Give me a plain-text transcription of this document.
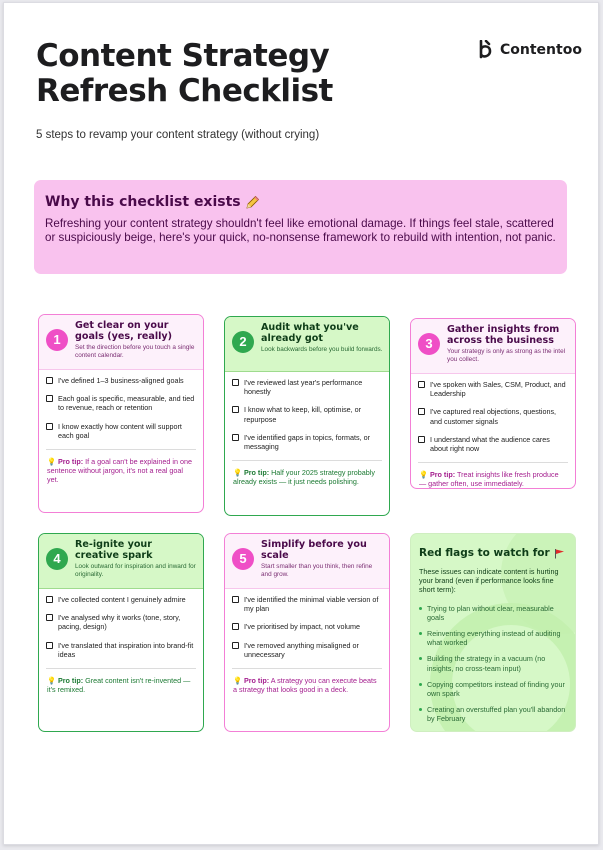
Content Strategy
Refresh Checklist
Contentoo
5 steps to revamp your content strategy (without crying)
Why this checklist exists
Refreshing your content strategy shouldn't feel like emotional damage. If things feel stale, scattered or suspiciously beige, here's your quick, no-nonsense framework to rebuild with intention, not panic.
1
Get clear on your goals (yes, really)
Set the direction before you touch a single content calendar.
I've defined 1–3 business-aligned goals
Each goal is specific, measurable, and tied to revenue, reach or retention
I know exactly how content will support each goal
💡 Pro tip: If a goal can't be explained in one sentence without jargon, it's not a real goal yet.
2
Audit what you've already got
Look backwards before you build forwards.
I've reviewed last year's performance honestly
I know what to keep, kill, optimise, or repurpose
I've identified gaps in topics, formats, or messaging
💡 Pro tip: Half your 2025 strategy probably already exists — it just needs polishing.
3
Gather insights from across the business
Your strategy is only as strong as the intel you collect.
I've spoken with Sales, CSM, Product, and Leadership
I've captured real objections, questions, and customer signals
I understand what the audience cares about right now
💡 Pro tip: Treat insights like fresh produce — gather often, use immediately.
4
Re-ignite your creative spark
Look outward for inspiration and inward for originality.
I've collected content I genuinely admire
I've analysed why it works (tone, story, pacing, design)
I've translated that inspiration into brand-fit ideas
💡 Pro tip: Great content isn't re-invented — it's remixed.
5
Simplify before you scale
Start smaller than you think, then refine and grow.
I've identified the minimal viable version of my plan
I've prioritised by impact, not volume
I've removed anything misaligned or unnecessary
💡 Pro tip: A strategy you can execute beats a strategy that looks good in a deck.
Red flags to watch for
These issues can indicate content is hurting your brand (even if performance looks fine short term):
Trying to plan without clear, measurable goals
Reinventing everything instead of auditing what worked
Building the strategy in a vacuum (no insights, no cross-team input)
Copying competitors instead of finding your own spark
Creating an overstuffed plan you'll abandon by February
